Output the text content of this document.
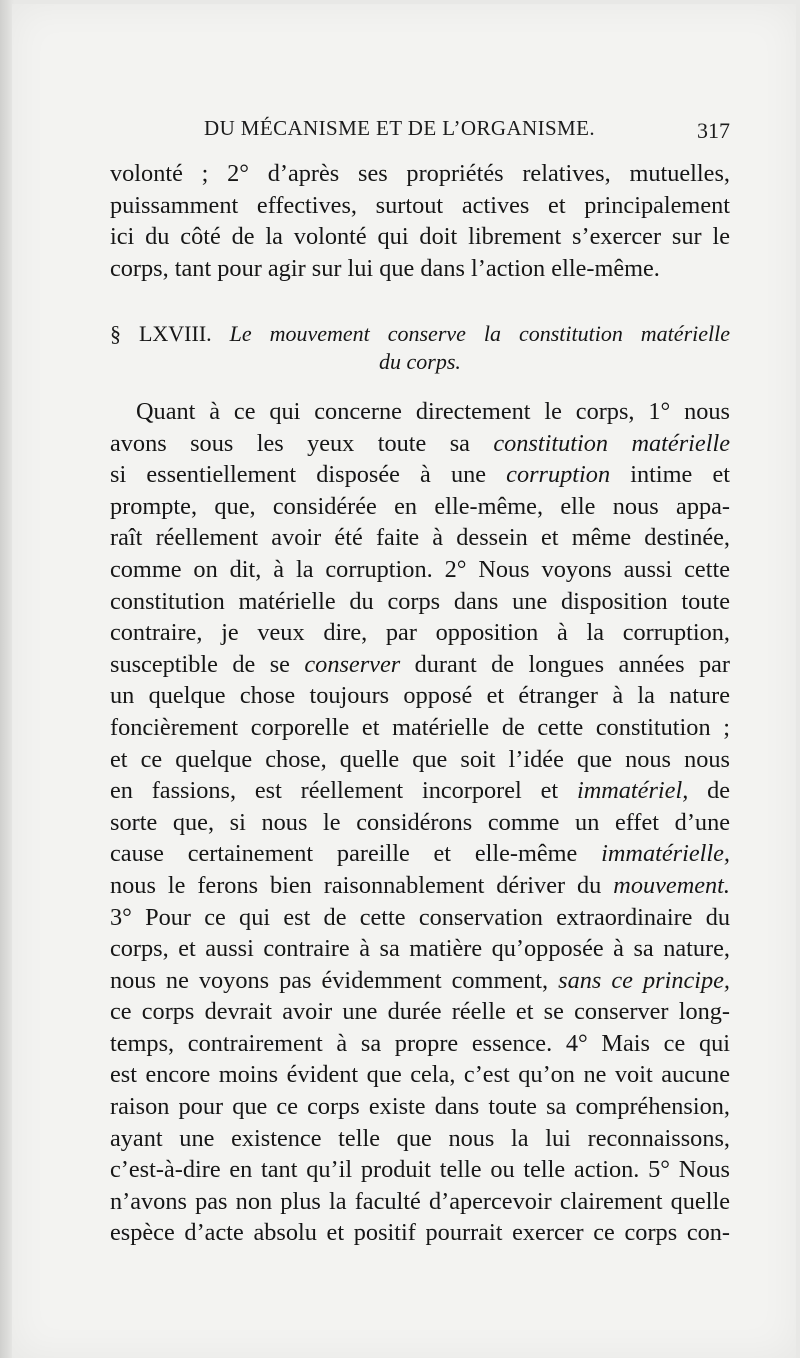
DU MÉCANISME ET DE L’ORGANISME.	317
volonté ; 2° d’après ses propriétés relatives, mutuelles,
puissamment effectives, surtout actives et principalement
ici du côté de la volonté qui doit librement s’exercer sur le
corps, tant pour agir sur lui que dans l’action elle-même.
§ LXVIII. Le mouvement conserve la constitution matérielle
du corps.
Quant à ce qui concerne directement le corps, 1° nous
avons sous les yeux toute sa constitution matérielle
si essentiellement disposée à une corruption intime et
prompte, que, considérée en elle-même, elle nous appa-
raît réellement avoir été faite à dessein et même destinée,
comme on dit, à la corruption. 2° Nous voyons aussi cette
constitution matérielle du corps dans une disposition toute
contraire, je veux dire, par opposition à la corruption,
susceptible de se conserver durant de longues années par
un quelque chose toujours opposé et étranger à la nature
foncièrement corporelle et matérielle de cette constitution ;
et ce quelque chose, quelle que soit l’idée que nous nous
en fassions, est réellement incorporel et immatériel, de
sorte que, si nous le considérons comme un effet d’une
cause certainement pareille et elle-même immatérielle,
nous le ferons bien raisonnablement dériver du mouvement.
3° Pour ce qui est de cette conservation extraordinaire du
corps, et aussi contraire à sa matière qu’opposée à sa nature,
nous ne voyons pas évidemment comment, sans ce principe,
ce corps devrait avoir une durée réelle et se conserver long-
temps, contrairement à sa propre essence. 4° Mais ce qui
est encore moins évident que cela, c’est qu’on ne voit aucune
raison pour que ce corps existe dans toute sa compréhension,
ayant une existence telle que nous la lui reconnaissons,
c’est-à-dire en tant qu’il produit telle ou telle action. 5° Nous
n’avons pas non plus la faculté d’apercevoir clairement quelle
espèce d’acte absolu et positif pourrait exercer ce corps con-
